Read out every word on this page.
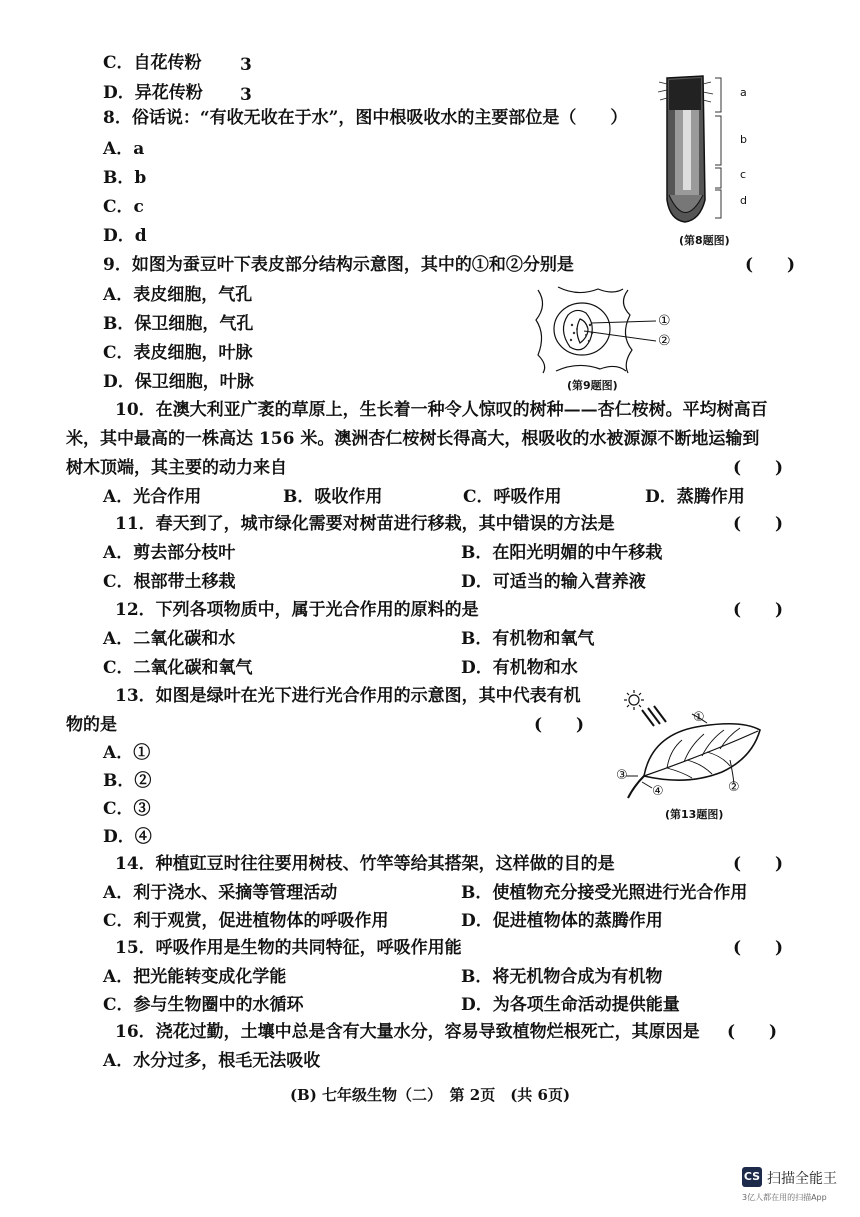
C．自花传粉 3
D．异花传粉 3
8．俗话说：“有收无收在于水”，图中根吸收水的主要部位是（　　）
A．a
B．b
C．c
D．d
a
b
c
d
(第8题图)
9．如图为蚕豆叶下表皮部分结构示意图，其中的①和②分别是	(　　)
A．表皮细胞，气孔
B．保卫细胞，气孔
C．表皮细胞，叶脉
D．保卫细胞，叶脉
①
②
(第9题图)
10．在澳大利亚广袤的草原上，生长着一种令人惊叹的树种——杏仁桉树。平均树高百
米，其中最高的一株高达 156 米。澳洲杏仁桉树长得高大，根吸收的水被源源不断地运输到
树木顶端，其主要的动力来自	(　　)
A．光合作用	B．吸收作用	C．呼吸作用	D．蒸腾作用
11．春天到了，城市绿化需要对树苗进行移栽，其中错误的方法是	(　　)
A．剪去部分枝叶	B．在阳光明媚的中午移栽
C．根部带土移栽	D．可适当的输入营养液
12．下列各项物质中，属于光合作用的原料的是	(　　)
A．二氧化碳和水	B．有机物和氧气
C．二氧化碳和氧气	D．有机物和水
13．如图是绿叶在光下进行光合作用的示意图，其中代表有机
物的是	(　　)
A．①
B．②
C．③
D．④
①
②
③
④
(第13题图)
14．种植豇豆时往往要用树枝、竹竿等给其搭架，这样做的目的是	(　　)
A．利于浇水、采摘等管理活动	B．使植物充分接受光照进行光合作用
C．利于观赏，促进植物体的呼吸作用	D．促进植物体的蒸腾作用
15．呼吸作用是生物的共同特征，呼吸作用能	(　　)
A．把光能转变成化学能	B．将无机物合成为有机物
C．参与生物圈中的水循环	D．为各项生命活动提供能量
16．浇花过勤，土壤中总是含有大量水分，容易导致植物烂根死亡，其原因是 (　　)
A．水分过多，根毛无法吸收
(B) 七年级生物（二）　第 2页　(共 6页)
CS 扫描全能王
3亿人都在用的扫描App
